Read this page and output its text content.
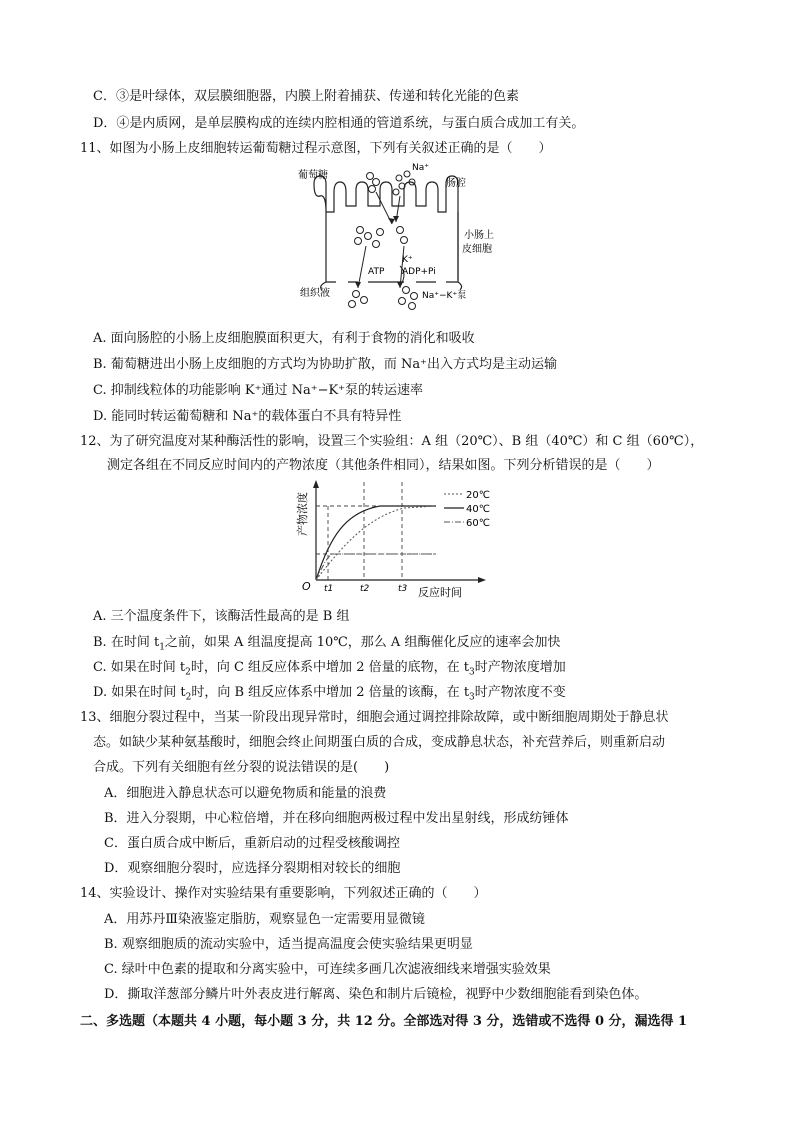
C．③是叶绿体，双层膜细胞器，内膜上附着捕获、传递和转化光能的色素
D．④是内质网，是单层膜构成的连续内腔相通的管道系统，与蛋白质合成加工有关。
11、如图为小肠上皮细胞转运葡萄糖过程示意图，下列有关叙述正确的是（　　）
葡萄糖
Na⁺
肠腔
小肠上
皮细胞
K⁺
ATP ADP+Pi
组织液	Na⁺−K⁺泵
A. 面向肠腔的小肠上皮细胞膜面积更大，有利于食物的消化和吸收
B. 葡萄糖进出小肠上皮细胞的方式均为协助扩散，而 Na⁺出入方式均是主动运输
C. 抑制线粒体的功能影响 K⁺通过 Na⁺−K⁺泵的转运速率
D. 能同时转运葡萄糖和 Na⁺的载体蛋白不具有特异性
12、为了研究温度对某种酶活性的影响，设置三个实验组：A 组（20℃）、B 组（40℃）和 C 组（60℃），
测定各组在不同反应时间内的产物浓度（其他条件相同），结果如图。下列分析错误的是（　　）
20℃
40℃
60℃
O t1	t2	t3 反应时间
产物浓度
A. 三个温度条件下，该酶活性最高的是 B 组
B. 在时间 $t_1$之前，如果 A 组温度提高 10℃，那么 A 组酶催化反应的速率会加快
C. 如果在时间 $t_2$时，向 C 组反应体系中增加 2 倍量的底物，在 $t_3$时产物浓度增加
D. 如果在时间 $t_2$时，向 B 组反应体系中增加 2 倍量的该酶，在 $t_3$时产物浓度不变
13、细胞分裂过程中，当某一阶段出现异常时，细胞会通过调控排除故障，或中断细胞周期处于静息状
态。如缺少某种氨基酸时，细胞会终止间期蛋白质的合成，变成静息状态，补充营养后，则重新启动
合成。下列有关细胞有丝分裂的说法错误的是(　　)
A．细胞进入静息状态可以避免物质和能量的浪费
B．进入分裂期，中心粒倍增，并在移向细胞两极过程中发出星射线，形成纺锤体
C．蛋白质合成中断后，重新启动的过程受核酸调控
D．观察细胞分裂时，应选择分裂期相对较长的细胞
14、实验设计、操作对实验结果有重要影响，下列叙述正确的（　　）
A．用苏丹Ⅲ染液鉴定脂肪，观察显色一定需要用显微镜
B. 观察细胞质的流动实验中，适当提高温度会使实验结果更明显
C. 绿叶中色素的提取和分离实验中，可连续多画几次滤液细线来增强实验效果
D．撕取洋葱部分鳞片叶外表皮进行解离、染色和制片后镜检，视野中少数细胞能看到染色体。
二、多选题（本题共 4 小题，每小题 3 分，共 12 分。全部选对得 3 分，选错或不选得 0 分，漏选得 1
